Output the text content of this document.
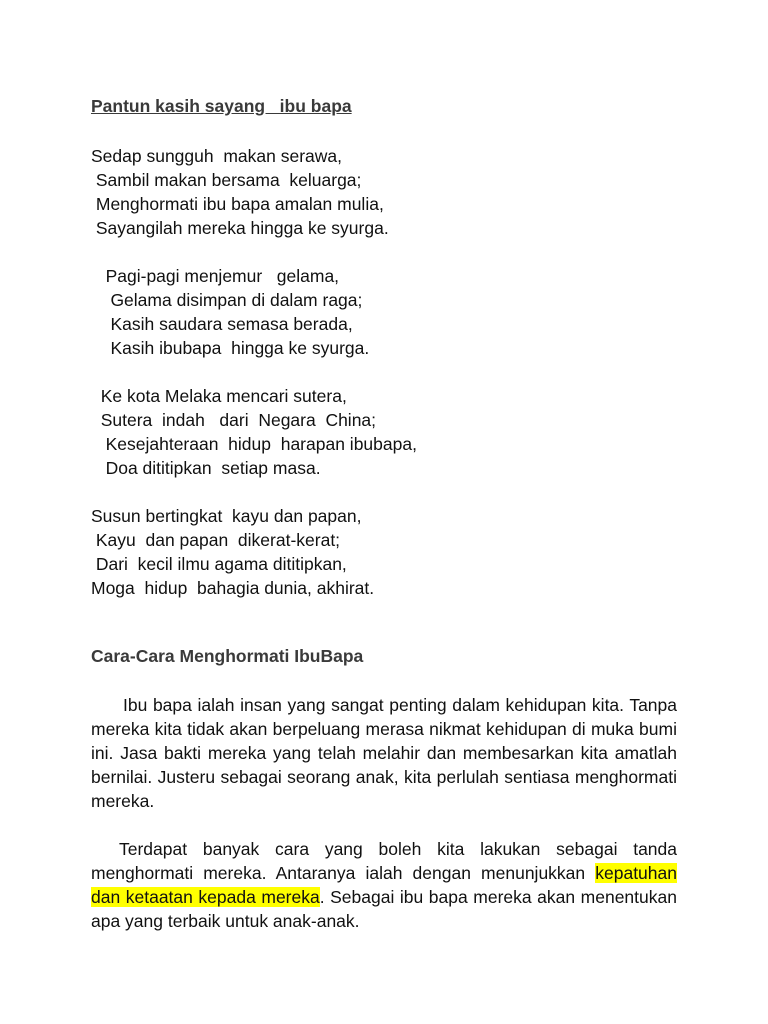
Pantun kasih sayang   ibu bapa
Sedap sungguh  makan serawa,
Sambil makan bersama  keluarga;
Menghormati ibu bapa amalan mulia,
Sayangilah mereka hingga ke syurga.
Pagi-pagi menjemur   gelama,
Gelama disimpan di dalam raga;
Kasih saudara semasa berada,
Kasih ibubapa  hingga ke syurga.
Ke kota Melaka mencari sutera,
Sutera  indah   dari  Negara  China;
Kesejahteraan  hidup  harapan ibubapa,
Doa dititipkan  setiap masa.
Susun bertingkat  kayu dan papan,
Kayu  dan papan  dikerat-kerat;
Dari  kecil ilmu agama dititipkan,
Moga  hidup  bahagia dunia, akhirat.
Cara-Cara Menghormati IbuBapa

Ibu bapa ialah insan yang sangat penting dalam kehidupan kita. Tanpa mereka kita tidak akan berpeluang merasa nikmat kehidupan di muka bumi ini. Jasa bakti mereka yang telah melahir dan membesarkan kita amatlah bernilai. Justeru sebagai seorang anak, kita perlulah sentiasa menghormati mereka.

Terdapat banyak cara yang boleh kita lakukan sebagai tanda menghormati mereka. Antaranya ialah dengan menunjukkan kepatuhan dan ketaatan kepada mereka. Sebagai ibu bapa mereka akan menentukan apa yang terbaik untuk anak-anak.
